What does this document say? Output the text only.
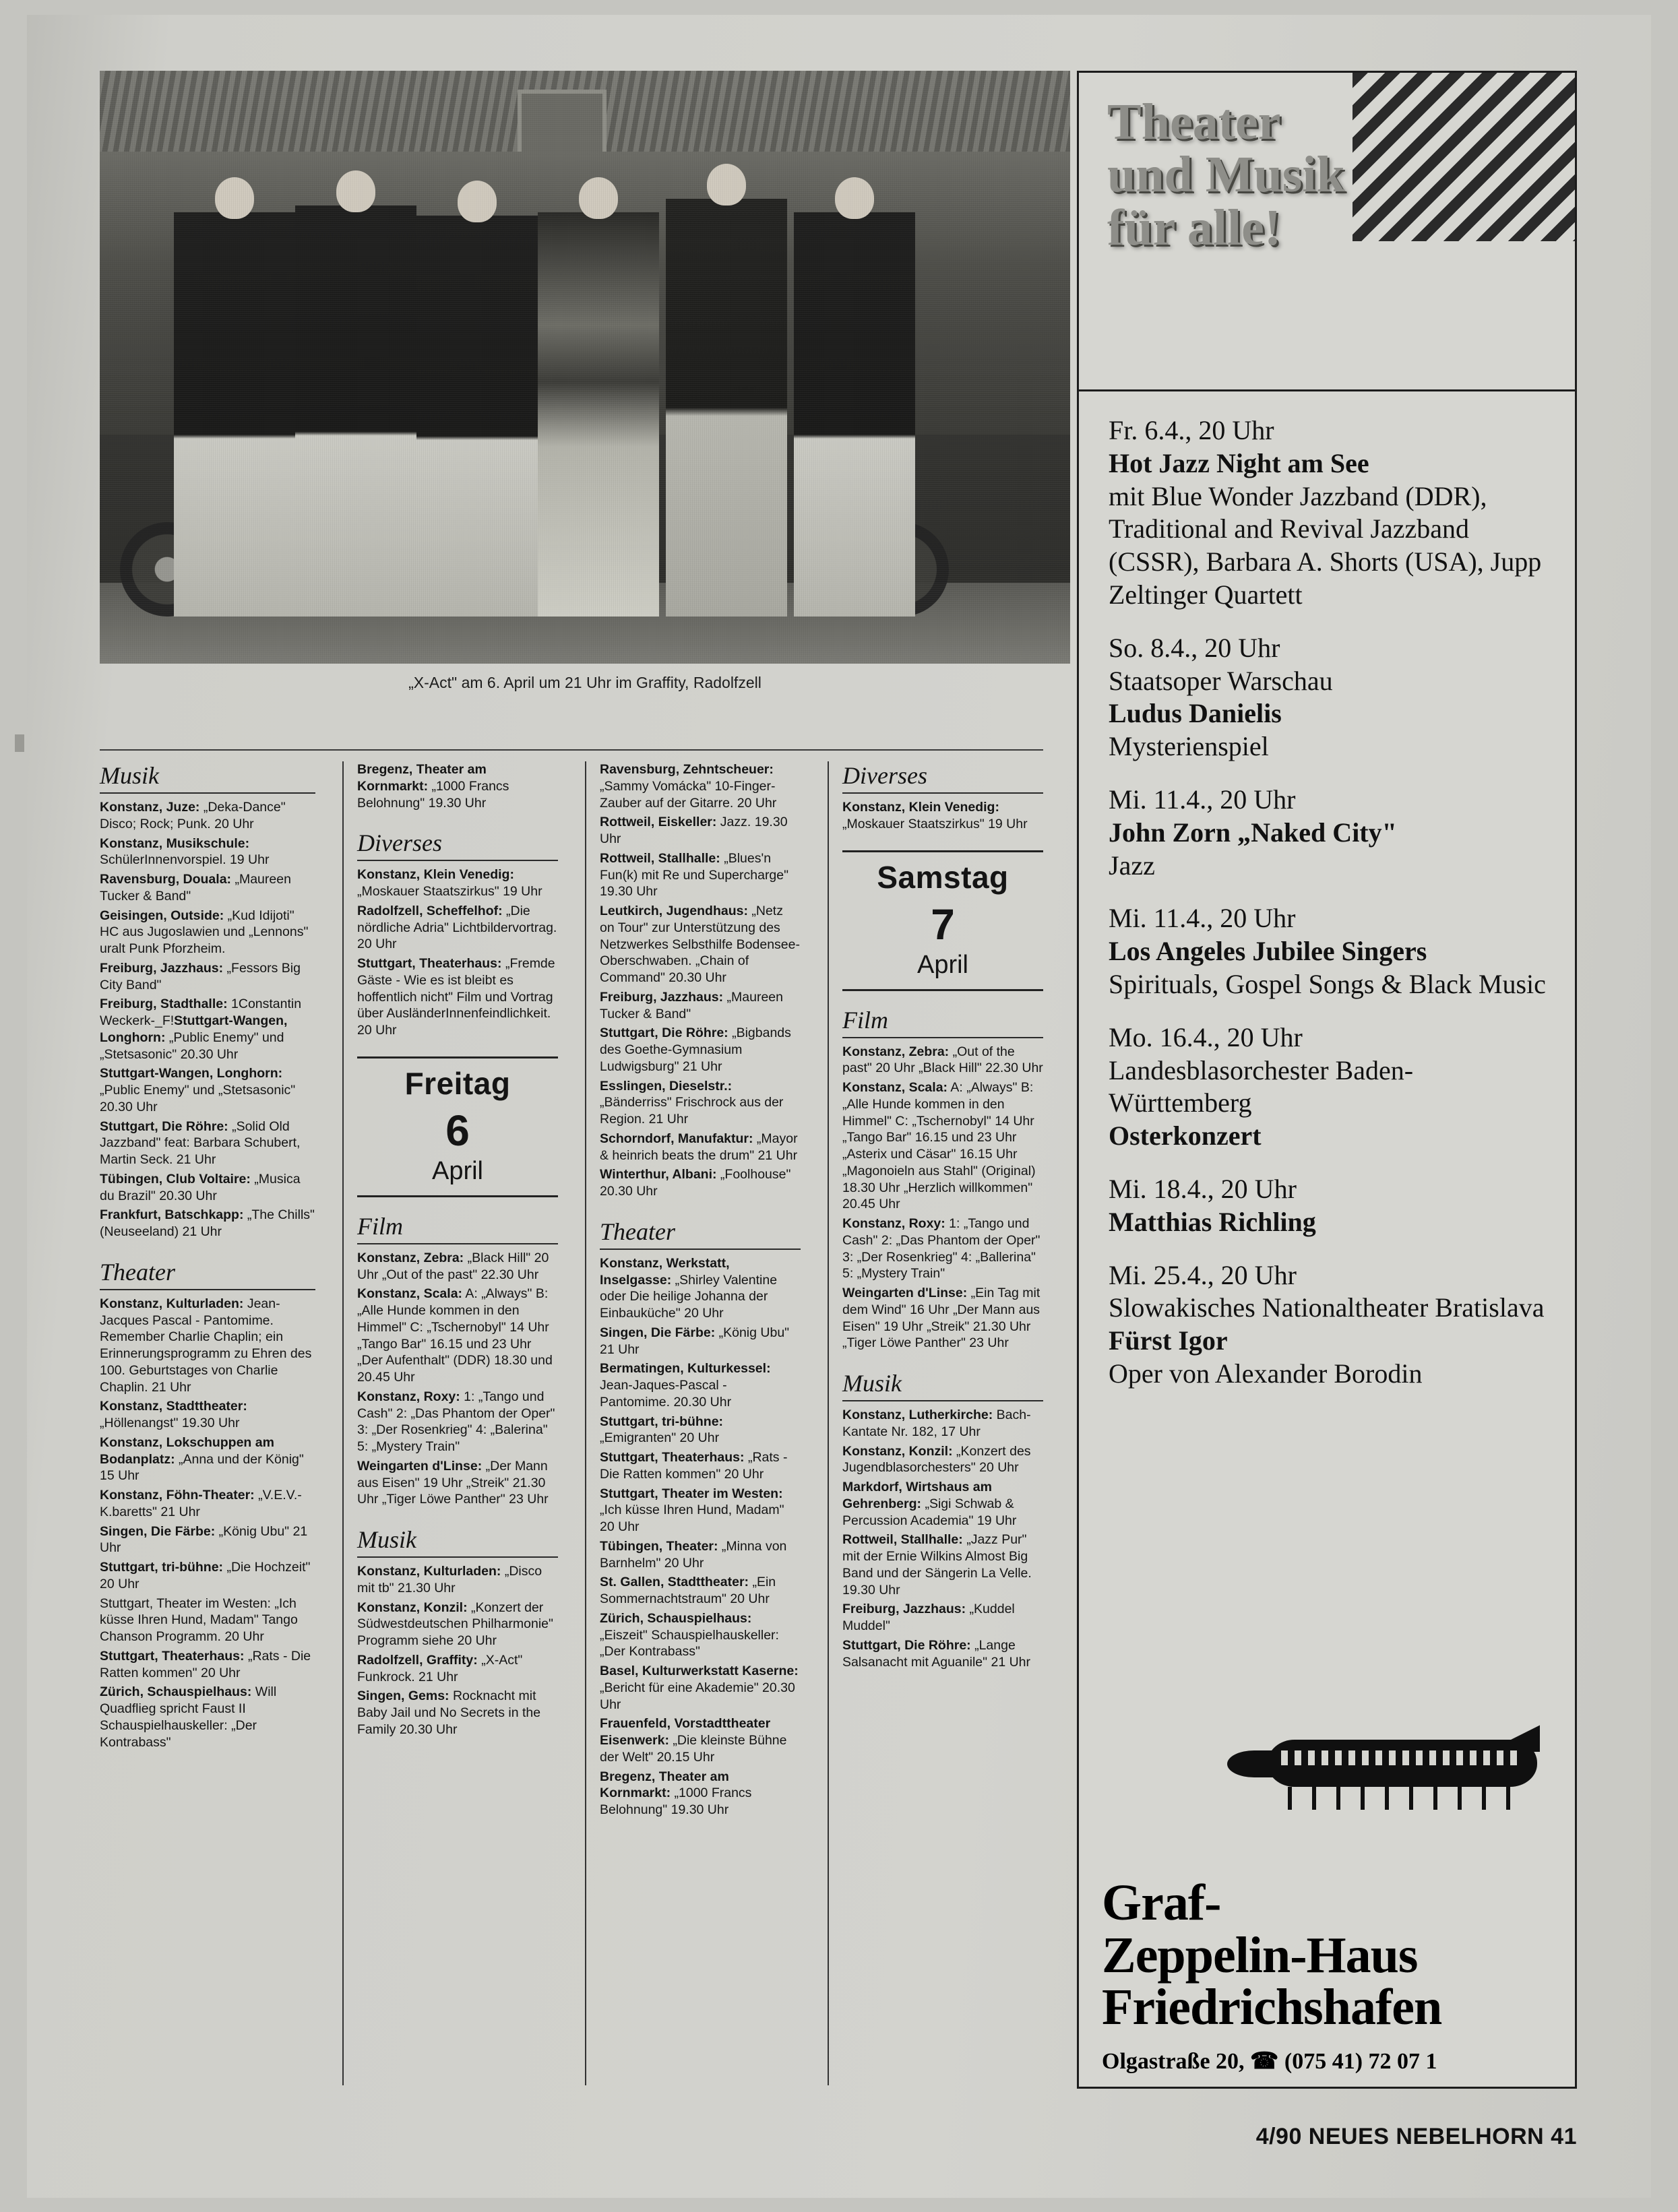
„X-Act" am 6. April um 21 Uhr im Graffity, Radolfzell
Theater
und Musik
für alle!
Fr. 6.4., 20 Uhr
Hot Jazz Night am See
mit Blue Wonder Jazzband (DDR), Traditional and Revival Jazzband (CSSR), Barbara A. Shorts (USA), Jupp Zeltinger Quartett
So. 8.4., 20 Uhr
Staatsoper Warschau
Ludus Danielis
Mysterienspiel
Mi. 11.4., 20 Uhr
John Zorn „Naked City"
Jazz
Mi. 11.4., 20 Uhr
Los Angeles Jubilee Singers
Spirituals, Gospel Songs & Black Music
Mo. 16.4., 20 Uhr
Landesblasorchester Baden-Württemberg
Osterkonzert
Mi. 18.4., 20 Uhr
Matthias Richling
Mi. 25.4., 20 Uhr
Slowakisches Nationaltheater Bratislava
Fürst Igor
Oper von Alexander Borodin
Graf-
Zeppelin-Haus
Friedrichshafen
Olgastraße 20, ☎ (075 41) 72 07 1
Musik
Konstanz, Juze: „Deka-Dance" Disco; Rock; Punk. 20 Uhr
Konstanz, Musikschule: SchülerInnenvorspiel. 19 Uhr
Ravensburg, Douala: „Maureen Tucker & Band"
Geisingen, Outside: „Kud Idijoti" HC aus Jugoslawien und „Lennons" uralt Punk Pforzheim.
Freiburg, Jazzhaus: „Fessors Big City Band"
Freiburg, Stadthalle: 1Constantin Weckerk-_F!Stuttgart-Wangen, Longhorn: „Public Enemy" und „Stetsasonic" 20.30 Uhr
Stuttgart-Wangen, Longhorn: „Public Enemy" und „Stetsasonic" 20.30 Uhr
Stuttgart, Die Röhre: „Solid Old Jazzband" feat: Barbara Schubert, Martin Seck. 21 Uhr
Tübingen, Club Voltaire: „Musica du Brazil" 20.30 Uhr
Frankfurt, Batschkapp: „The Chills" (Neuseeland) 21 Uhr
Theater
Konstanz, Kulturladen: Jean-Jacques Pascal - Pantomime. Remember Charlie Chaplin; ein Erinnerungsprogramm zu Ehren des 100. Geburtstages von Charlie Chaplin. 21 Uhr
Konstanz, Stadttheater: „Höllenangst" 19.30 Uhr
Konstanz, Lokschuppen am Bodanplatz: „Anna und der König" 15 Uhr
Konstanz, Föhn-Theater: „V.E.V.-K.baretts" 21 Uhr
Singen, Die Färbe: „König Ubu" 21 Uhr
Stuttgart, tri-bühne: „Die Hochzeit" 20 Uhr
Stuttgart, Theater im Westen: „Ich küsse Ihren Hund, Madam" Tango Chanson Programm. 20 Uhr
Stuttgart, Theaterhaus: „Rats - Die Ratten kommen" 20 Uhr
Zürich, Schauspielhaus: Will Quadflieg spricht Faust II Schauspielhauskeller: „Der Kontrabass"
Bregenz, Theater am Kornmarkt: „1000 Francs Belohnung" 19.30 Uhr
Diverses
Konstanz, Klein Venedig: „Moskauer Staatszirkus" 19 Uhr
Radolfzell, Scheffelhof: „Die nördliche Adria" Lichtbildervortrag. 20 Uhr
Stuttgart, Theaterhaus: „Fremde Gäste - Wie es ist bleibt es hoffentlich nicht" Film und Vortrag über AusländerInnenfeindlichkeit. 20 Uhr
Freitag
6
April
Film
Konstanz, Zebra: „Black Hill" 20 Uhr „Out of the past" 22.30 Uhr
Konstanz, Scala: A: „Always" B: „Alle Hunde kommen in den Himmel" C: „Tschernobyl" 14 Uhr „Tango Bar" 16.15 und 23 Uhr „Der Aufenthalt" (DDR) 18.30 und 20.45 Uhr
Konstanz, Roxy: 1: „Tango und Cash" 2: „Das Phantom der Oper" 3: „Der Rosenkrieg" 4: „Balerina" 5: „Mystery Train"
Weingarten d'Linse: „Der Mann aus Eisen" 19 Uhr „Streik" 21.30 Uhr „Tiger Löwe Panther" 23 Uhr
Musik
Konstanz, Kulturladen: „Disco mit tb" 21.30 Uhr
Konstanz, Konzil: „Konzert der Südwestdeutschen Philharmonie" Programm siehe 20 Uhr
Radolfzell, Graffity: „X-Act" Funkrock. 21 Uhr
Singen, Gems: Rocknacht mit Baby Jail und No Secrets in the Family 20.30 Uhr
Ravensburg, Zehntscheuer: „Sammy Vomácka" 10-Finger-Zauber auf der Gitarre. 20 Uhr
Rottweil, Eiskeller: Jazz. 19.30 Uhr
Rottweil, Stallhalle: „Blues'n Fun(k) mit Re und Supercharge" 19.30 Uhr
Leutkirch, Jugendhaus: „Netz on Tour" zur Unterstützung des Netzwerkes Selbsthilfe Bodensee-Oberschwaben. „Chain of Command" 20.30 Uhr
Freiburg, Jazzhaus: „Maureen Tucker & Band"
Stuttgart, Die Röhre: „Bigbands des Goethe-Gymnasium Ludwigsburg" 21 Uhr
Esslingen, Dieselstr.: „Bänderriss" Frischrock aus der Region. 21 Uhr
Schorndorf, Manufaktur: „Mayor & heinrich beats the drum" 21 Uhr
Winterthur, Albani: „Foolhouse" 20.30 Uhr
Theater
Konstanz, Werkstatt, Inselgasse: „Shirley Valentine oder Die heilige Johanna der Einbauküche" 20 Uhr
Singen, Die Färbe: „König Ubu" 21 Uhr
Bermatingen, Kulturkessel: Jean-Jaques-Pascal - Pantomime. 20.30 Uhr
Stuttgart, tri-bühne: „Emigranten" 20 Uhr
Stuttgart, Theaterhaus: „Rats - Die Ratten kommen" 20 Uhr
Stuttgart, Theater im Westen: „Ich küsse Ihren Hund, Madam" 20 Uhr
Tübingen, Theater: „Minna von Barnhelm" 20 Uhr
St. Gallen, Stadttheater: „Ein Sommernachtstraum" 20 Uhr
Zürich, Schauspielhaus: „Eiszeit" Schauspielhauskeller: „Der Kontrabass"
Basel, Kulturwerkstatt Kaserne: „Bericht für eine Akademie" 20.30 Uhr
Frauenfeld, Vorstadttheater Eisenwerk: „Die kleinste Bühne der Welt" 20.15 Uhr
Bregenz, Theater am Kornmarkt: „1000 Francs Belohnung" 19.30 Uhr
Diverses
Konstanz, Klein Venedig: „Moskauer Staatszirkus" 19 Uhr
Samstag
7
April
Film
Konstanz, Zebra: „Out of the past" 20 Uhr „Black Hill" 22.30 Uhr
Konstanz, Scala: A: „Always" B: „Alle Hunde kommen in den Himmel" C: „Tschernobyl" 14 Uhr „Tango Bar" 16.15 und 23 Uhr „Asterix und Cäsar" 16.15 Uhr „Magonoieln aus Stahl" (Original) 18.30 Uhr „Herzlich willkommen" 20.45 Uhr
Konstanz, Roxy: 1: „Tango und Cash" 2: „Das Phantom der Oper" 3: „Der Rosenkrieg" 4: „Ballerina" 5: „Mystery Train"
Weingarten d'Linse: „Ein Tag mit dem Wind" 16 Uhr „Der Mann aus Eisen" 19 Uhr „Streik" 21.30 Uhr „Tiger Löwe Panther" 23 Uhr
Musik
Konstanz, Lutherkirche: Bach-Kantate Nr. 182, 17 Uhr
Konstanz, Konzil: „Konzert des Jugendblasorchesters" 20 Uhr
Markdorf, Wirtshaus am Gehrenberg: „Sigi Schwab & Percussion Academia" 19 Uhr
Rottweil, Stallhalle: „Jazz Pur" mit der Ernie Wilkins Almost Big Band und der Sängerin La Velle. 19.30 Uhr
Freiburg, Jazzhaus: „Kuddel Muddel"
Stuttgart, Die Röhre: „Lange Salsanacht mit Aguanile" 21 Uhr
4/90 NEUES NEBELHORN 41
